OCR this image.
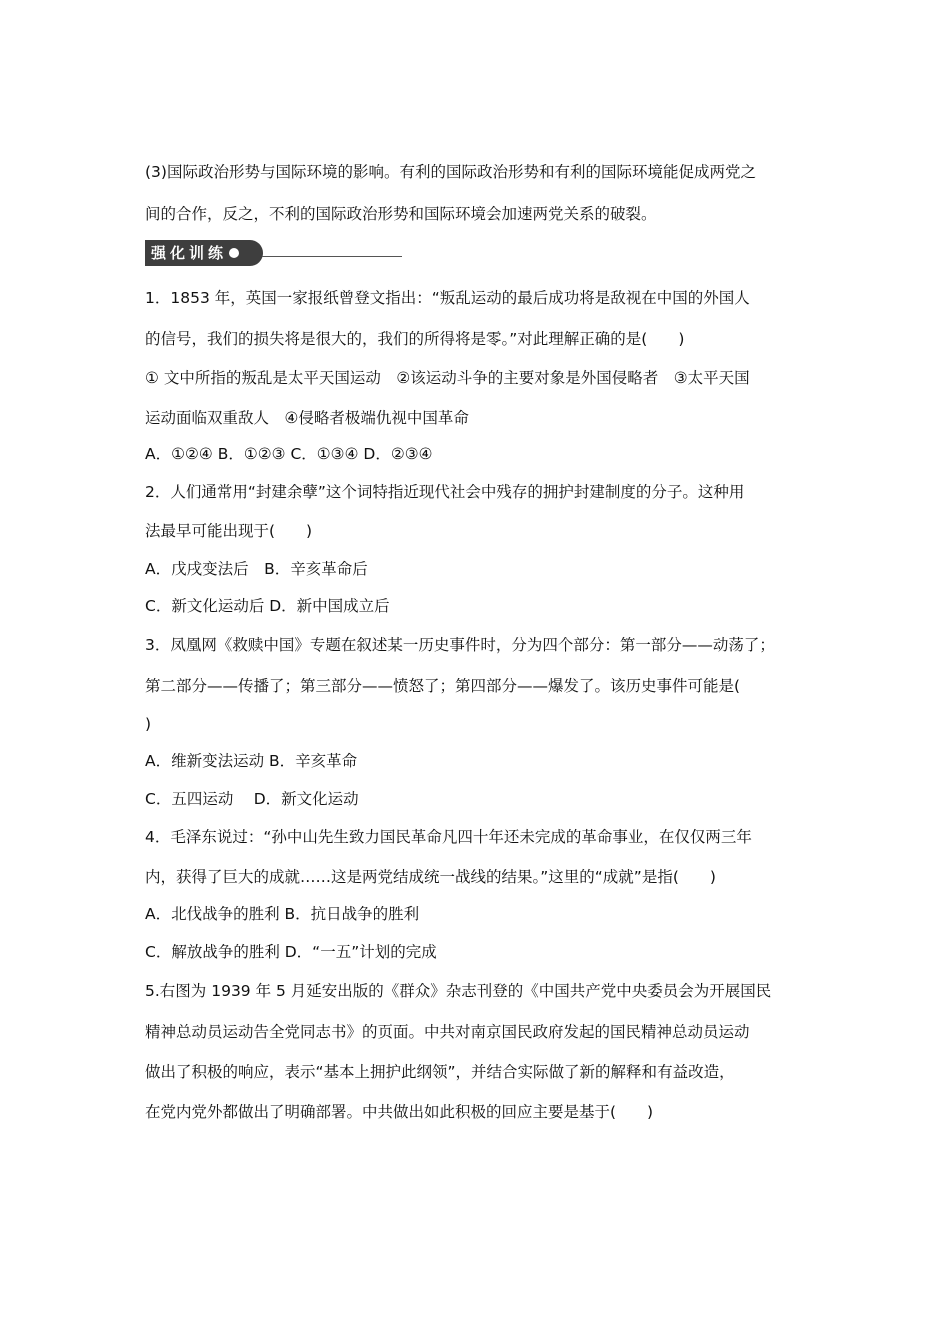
(3)国际政治形势与国际环境的影响。有利的国际政治形势和有利的国际环境能促成两党之
间的合作，反之，不利的国际政治形势和国际环境会加速两党关系的破裂。
强化训练
1．1853 年，英国一家报纸曾登文指出：“叛乱运动的最后成功将是敌视在中国的外国人
的信号，我们的损失将是很大的，我们的所得将是零。”对此理解正确的是(　　)
① 文中所指的叛乱是太平天国运动　②该运动斗争的主要对象是外国侵略者　③太平天国
运动面临双重敌人　④侵略者极端仇视中国革命
A．①②④ B．①②③ C．①③④ D．②③④
2．人们通常用“封建余孽”这个词特指近现代社会中残存的拥护封建制度的分子。这种用
法最早可能出现于(　　)
A．戊戌变法后　B．辛亥革命后
C．新文化运动后 D．新中国成立后
3．凤凰网《救赎中国》专题在叙述某一历史事件时，分为四个部分：第一部分——动荡了；
第二部分——传播了；第三部分——愤怒了；第四部分——爆发了。该历史事件可能是(
)
A．维新变法运动 B．辛亥革命
C．五四运动　 D．新文化运动
4．毛泽东说过：“孙中山先生致力国民革命凡四十年还未完成的革命事业，在仅仅两三年
内，获得了巨大的成就……这是两党结成统一战线的结果。”这里的“成就”是指(　　)
A．北伐战争的胜利 B．抗日战争的胜利
C．解放战争的胜利 D．“一五”计划的完成
5.右图为 1939 年 5 月延安出版的《群众》杂志刊登的《中国共产党中央委员会为开展国民
精神总动员运动告全党同志书》的页面。中共对南京国民政府发起的国民精神总动员运动
做出了积极的响应，表示“基本上拥护此纲领”，并结合实际做了新的解释和有益改造，
在党内党外都做出了明确部署。中共做出如此积极的回应主要是基于(　　)
